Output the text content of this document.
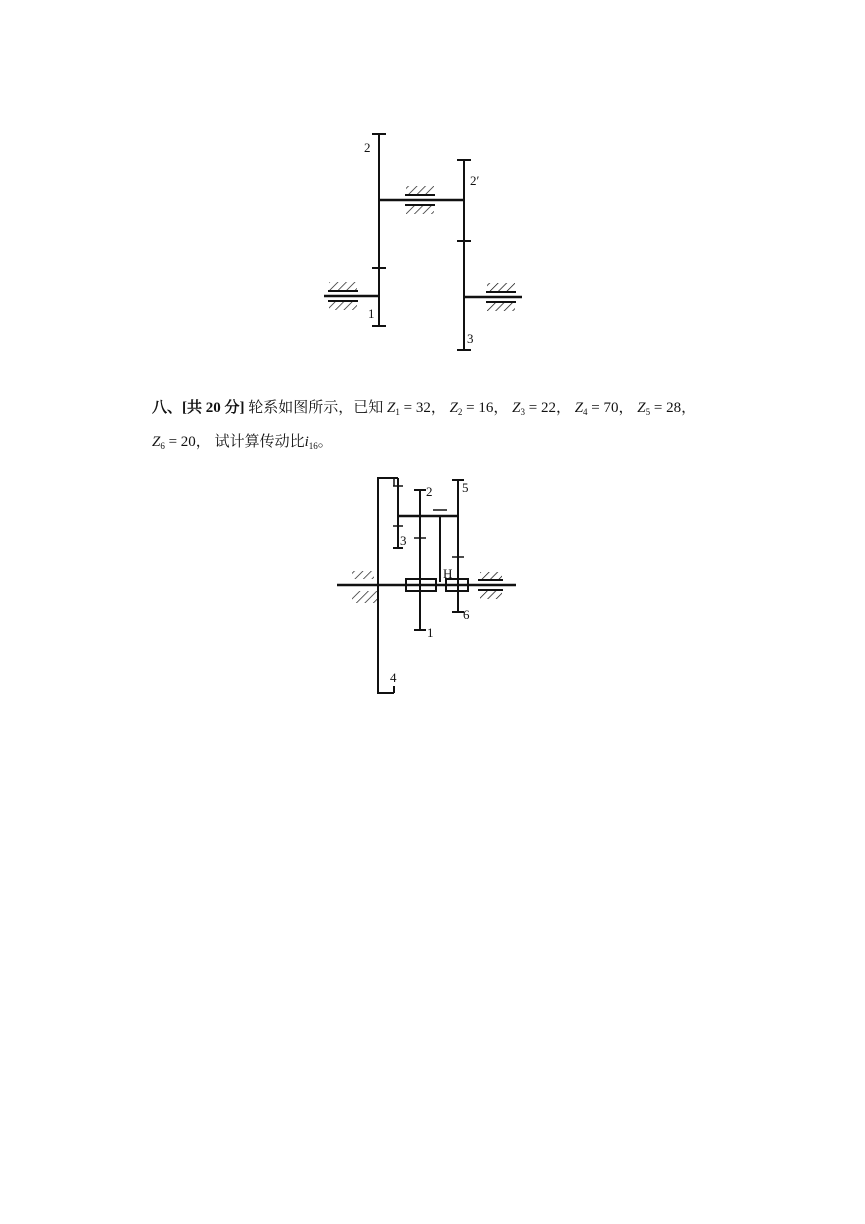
2
2′
1
3
八、[共 20 分] 轮系如图所示，已知 $Z_1 = 32$， $Z_2 = 16$， $Z_3 = 22$， $Z_4 = 70$， $Z_5 = 28$，
$Z_6 = 20$， 试计算传动比$i_{16}$。
2 5
3
H
6
1
4
